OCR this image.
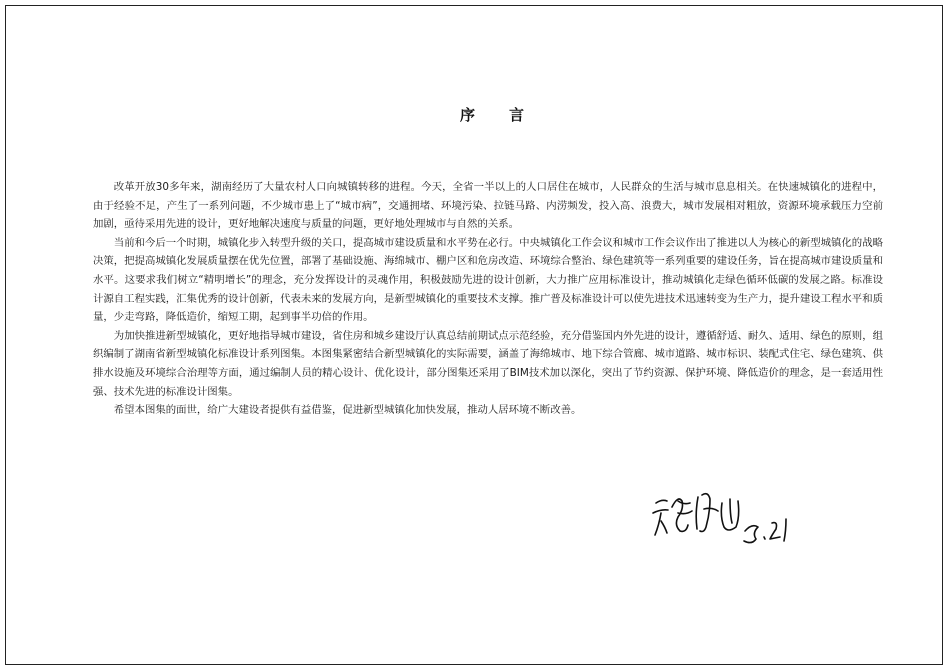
序言

改革开放30多年来，湖南经历了大量农村人口向城镇转移的进程。今天，全省一半以上的人口居住在城市，人民群众的生活与城市息息相关。在快速城镇化的进程中，由于经验不足，产生了一系列问题，不少城市患上了“城市病”，交通拥堵、环境污染、拉链马路、内涝频发，投入高、浪费大，城市发展相对粗放，资源环境承载压力空前加剧，亟待采用先进的设计，更好地解决速度与质量的问题，更好地处理城市与自然的关系。

当前和今后一个时期，城镇化步入转型升级的关口，提高城市建设质量和水平势在必行。中央城镇化工作会议和城市工作会议作出了推进以人为核心的新型城镇化的战略决策，把提高城镇化发展质量摆在优先位置，部署了基础设施、海绵城市、棚户区和危房改造、环境综合整治、绿色建筑等一系列重要的建设任务，旨在提高城市建设质量和水平。这要求我们树立“精明增长”的理念，充分发挥设计的灵魂作用，积极鼓励先进的设计创新，大力推广应用标准设计，推动城镇化走绿色循环低碳的发展之路。标准设计源自工程实践，汇集优秀的设计创新，代表未来的发展方向，是新型城镇化的重要技术支撑。推广普及标准设计可以使先进技术迅速转变为生产力，提升建设工程水平和质量，少走弯路，降低造价，缩短工期，起到事半功倍的作用。

为加快推进新型城镇化，更好地指导城市建设，省住房和城乡建设厅认真总结前期试点示范经验，充分借鉴国内外先进的设计，遵循舒适、耐久、适用、绿色的原则，组织编制了湖南省新型城镇化标准设计系列图集。本图集紧密结合新型城镇化的实际需要，涵盖了海绵城市、地下综合管廊、城市道路、城市标识、装配式住宅、绿色建筑、供排水设施及环境综合治理等方面，通过编制人员的精心设计、优化设计，部分图集还采用了BIM技术加以深化，突出了节约资源、保护环境、降低造价的理念，是一套适用性强、技术先进的标准设计图集。

希望本图集的面世，给广大建设者提供有益借鉴，促进新型城镇化加快发展，推动人居环境不断改善。
